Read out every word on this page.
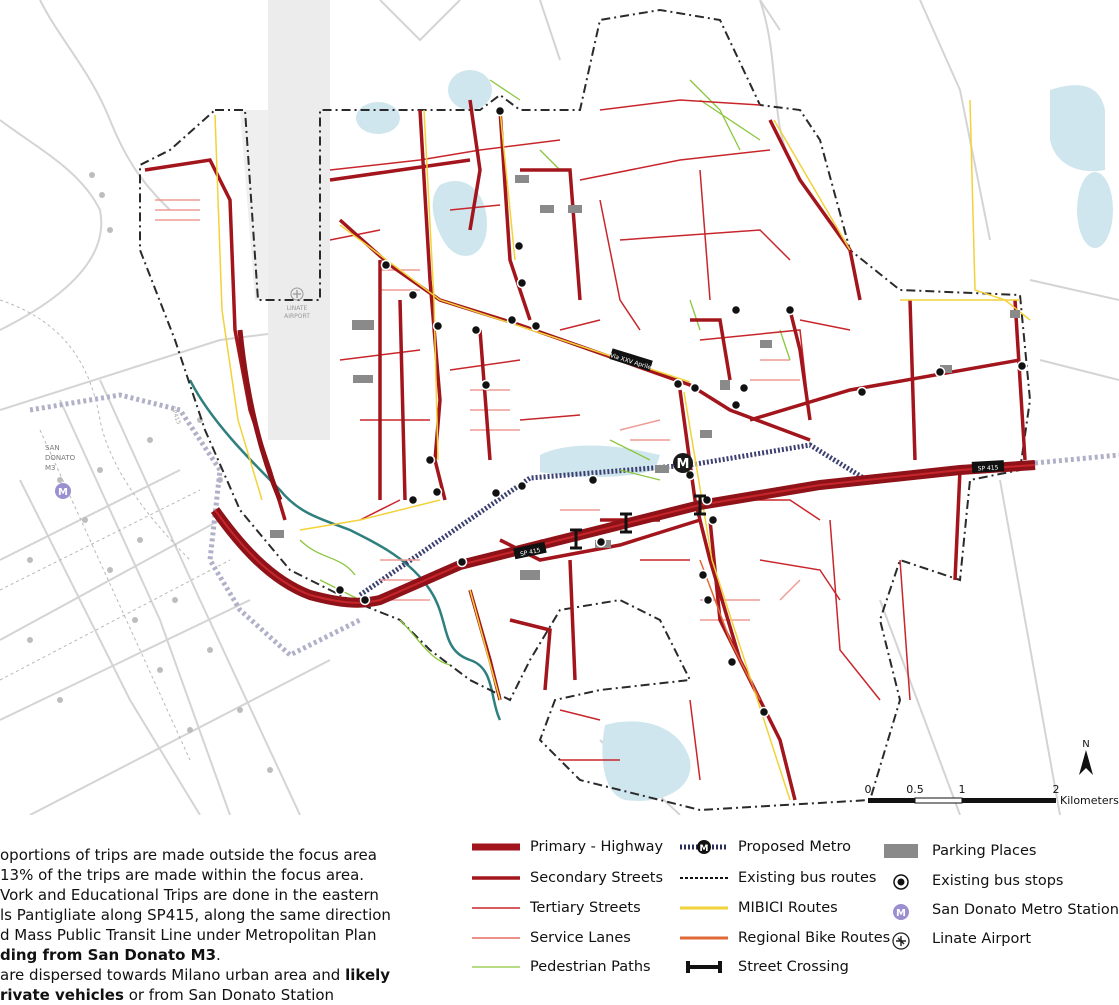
M
M
SAN
DONATO
M3
LINATE
AIRPORT
Via XXV Aprile
SP 415
SP 415
SP415
N
0	0.5	1	2
Kilometers
oportions of trips are made outside the focus area
13% of the trips are made within the focus area.
Vork and Educational Trips are done in the eastern
ls Pantigliate along SP415, along the same direction
d Mass Public Transit Line under Metropolitan Plan
ding from San Donato M3.
are dispersed towards Milano urban area and likely
rivate vehicles or from San Donato Station
Primary - Highway
Secondary Streets
Tertiary Streets
Service Lanes
Pedestrian Paths
M Proposed Metro
Existing bus routes
MIBICI Routes
Regional Bike Routes
Street Crossing
Parking Places
Existing bus stops
M San Donato Metro Station
Linate Airport
